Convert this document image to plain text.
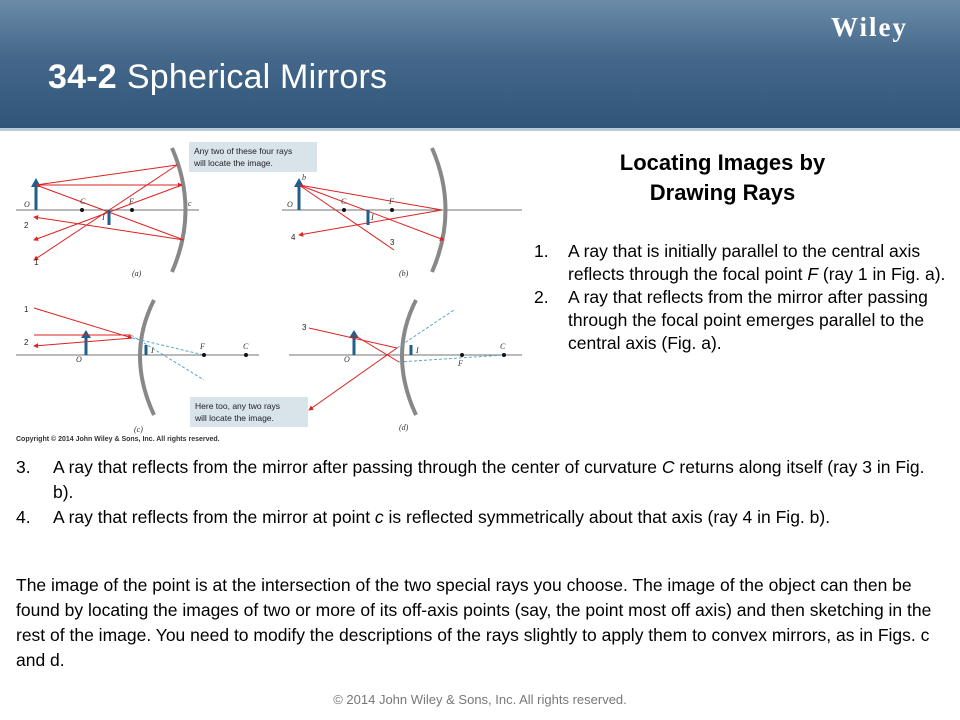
34-2 Spherical Mirrors
Wiley
O	C	F
I
c
2
1
(a)
Any two of these four rays
will locate the image.
O	C	F
I
b
4
3
(b)
O
I	F	C
1
2
(c)
O
I
F
C
3
(d)
Here too, any two rays
will locate the image.
Copyright © 2014 John Wiley & Sons, Inc. All rights reserved.
Locating Images by
Drawing Rays
1.	A ray that is initially parallel to the central axis reflects through the focal point F (ray 1 in Fig. a).
2.	A ray that reflects from the mirror after passing through the focal point emerges parallel to the central axis (Fig. a).
3.	A ray that reflects from the mirror after passing through the center of curvature C returns along itself (ray 3 in Fig. b).
4.	A ray that reflects from the mirror at point c is reflected symmetrically about that axis (ray 4 in Fig. b).
The image of the point is at the intersection of the two special rays you choose. The image of the object can then be found by locating the images of two or more of its off-axis points (say, the point most off axis) and then sketching in the rest of the image. You need to modify the descriptions of the rays slightly to apply them to convex mirrors, as in Figs. c and d.
© 2014 John Wiley & Sons, Inc. All rights reserved.
